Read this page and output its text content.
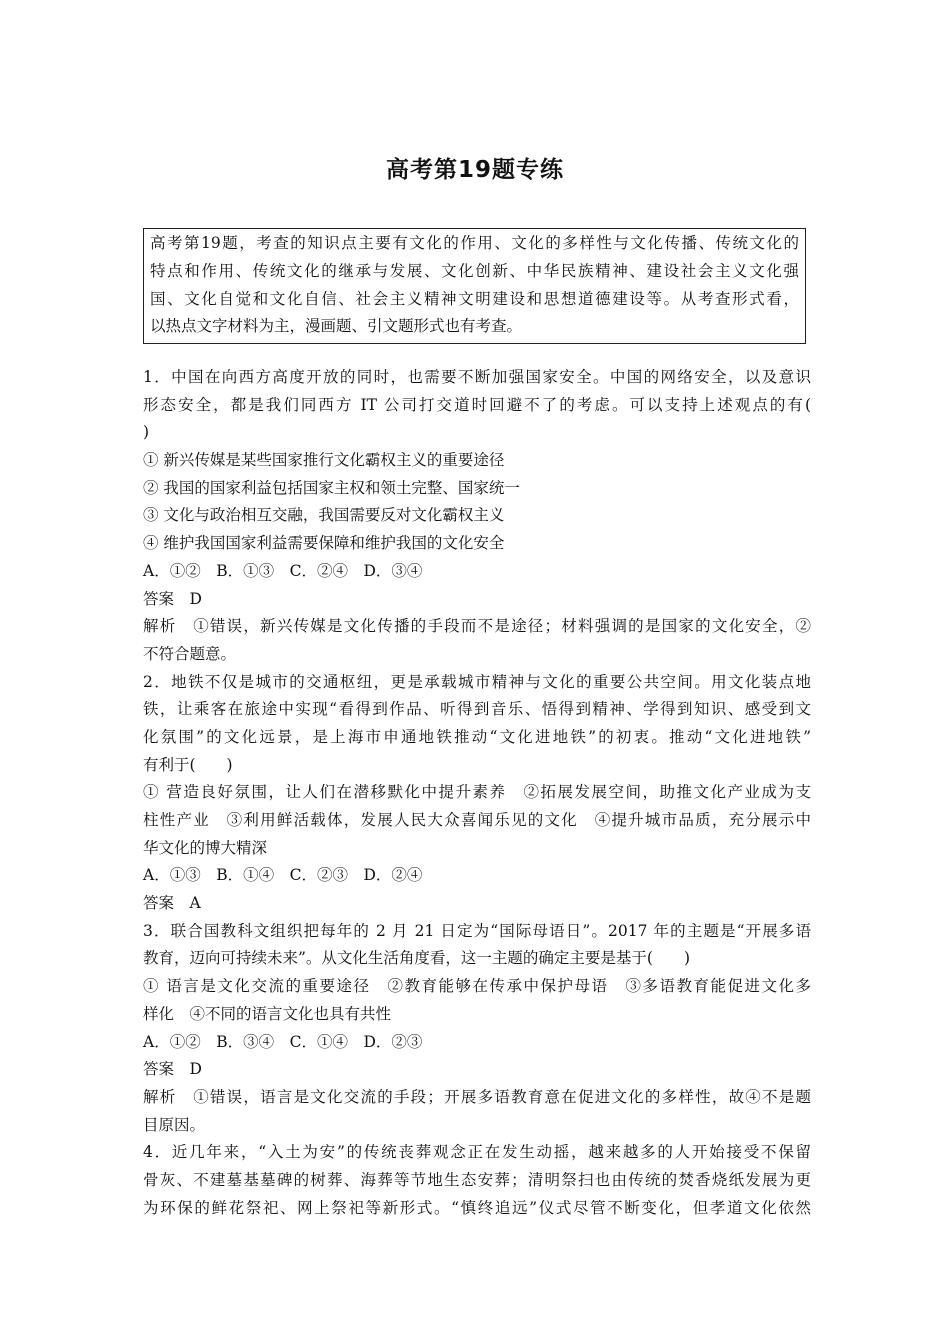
高考第19题专练
高考第19题，考查的知识点主要有文化的作用、文化的多样性与文化传播、传统文化的
特点和作用、传统文化的继承与发展、文化创新、中华民族精神、建设社会主义文化强
国、文化自觉和文化自信、社会主义精神文明建设和思想道德建设等。从考查形式看，
以热点文字材料为主，漫画题、引文题形式也有考查。
1．中国在向西方高度开放的同时，也需要不断加强国家安全。中国的网络安全，以及意识
形态安全，都是我们同西方 IT 公司打交道时回避不了的考虑。可以支持上述观点的有(
)
① 新兴传媒是某些国家推行文化霸权主义的重要途径
② 我国的国家利益包括国家主权和领土完整、国家统一
③ 文化与政治相互交融，我国需要反对文化霸权主义
④ 维护我国国家利益需要保障和维护我国的文化安全
A．①②　B．①③　C．②④　D．③④
答案　D
解析　①错误，新兴传媒是文化传播的手段而不是途径；材料强调的是国家的文化安全，②
不符合题意。
2．地铁不仅是城市的交通枢纽，更是承载城市精神与文化的重要公共空间。用文化装点地
铁，让乘客在旅途中实现“看得到作品、听得到音乐、悟得到精神、学得到知识、感受到文
化氛围”的文化远景，是上海市申通地铁推动“文化进地铁”的初衷。推动“文化进地铁”
有利于(　　)
① 营造良好氛围，让人们在潜移默化中提升素养　②拓展发展空间，助推文化产业成为支
柱性产业　③利用鲜活载体，发展人民大众喜闻乐见的文化　④提升城市品质，充分展示中
华文化的博大精深
A．①③　B．①④　C．②③　D．②④
答案　A
3．联合国教科文组织把每年的 2 月 21 日定为“国际母语日”。2017 年的主题是“开展多语
教育，迈向可持续未来”。从文化生活角度看，这一主题的确定主要是基于(　　)
① 语言是文化交流的重要途径　②教育能够在传承中保护母语　③多语教育能促进文化多
样化　④不同的语言文化也具有共性
A．①②　B．③④　C．①④　D．②③
答案　D
解析　①错误，语言是文化交流的手段；开展多语教育意在促进文化的多样性，故④不是题
目原因。
4．近几年来，“入土为安”的传统丧葬观念正在发生动摇，越来越多的人开始接受不保留
骨灰、不建墓基墓碑的树葬、海葬等节地生态安葬；清明祭扫也由传统的焚香烧纸发展为更
为环保的鲜花祭祀、网上祭祀等新形式。“慎终追远”仪式尽管不断变化，但孝道文化依然
